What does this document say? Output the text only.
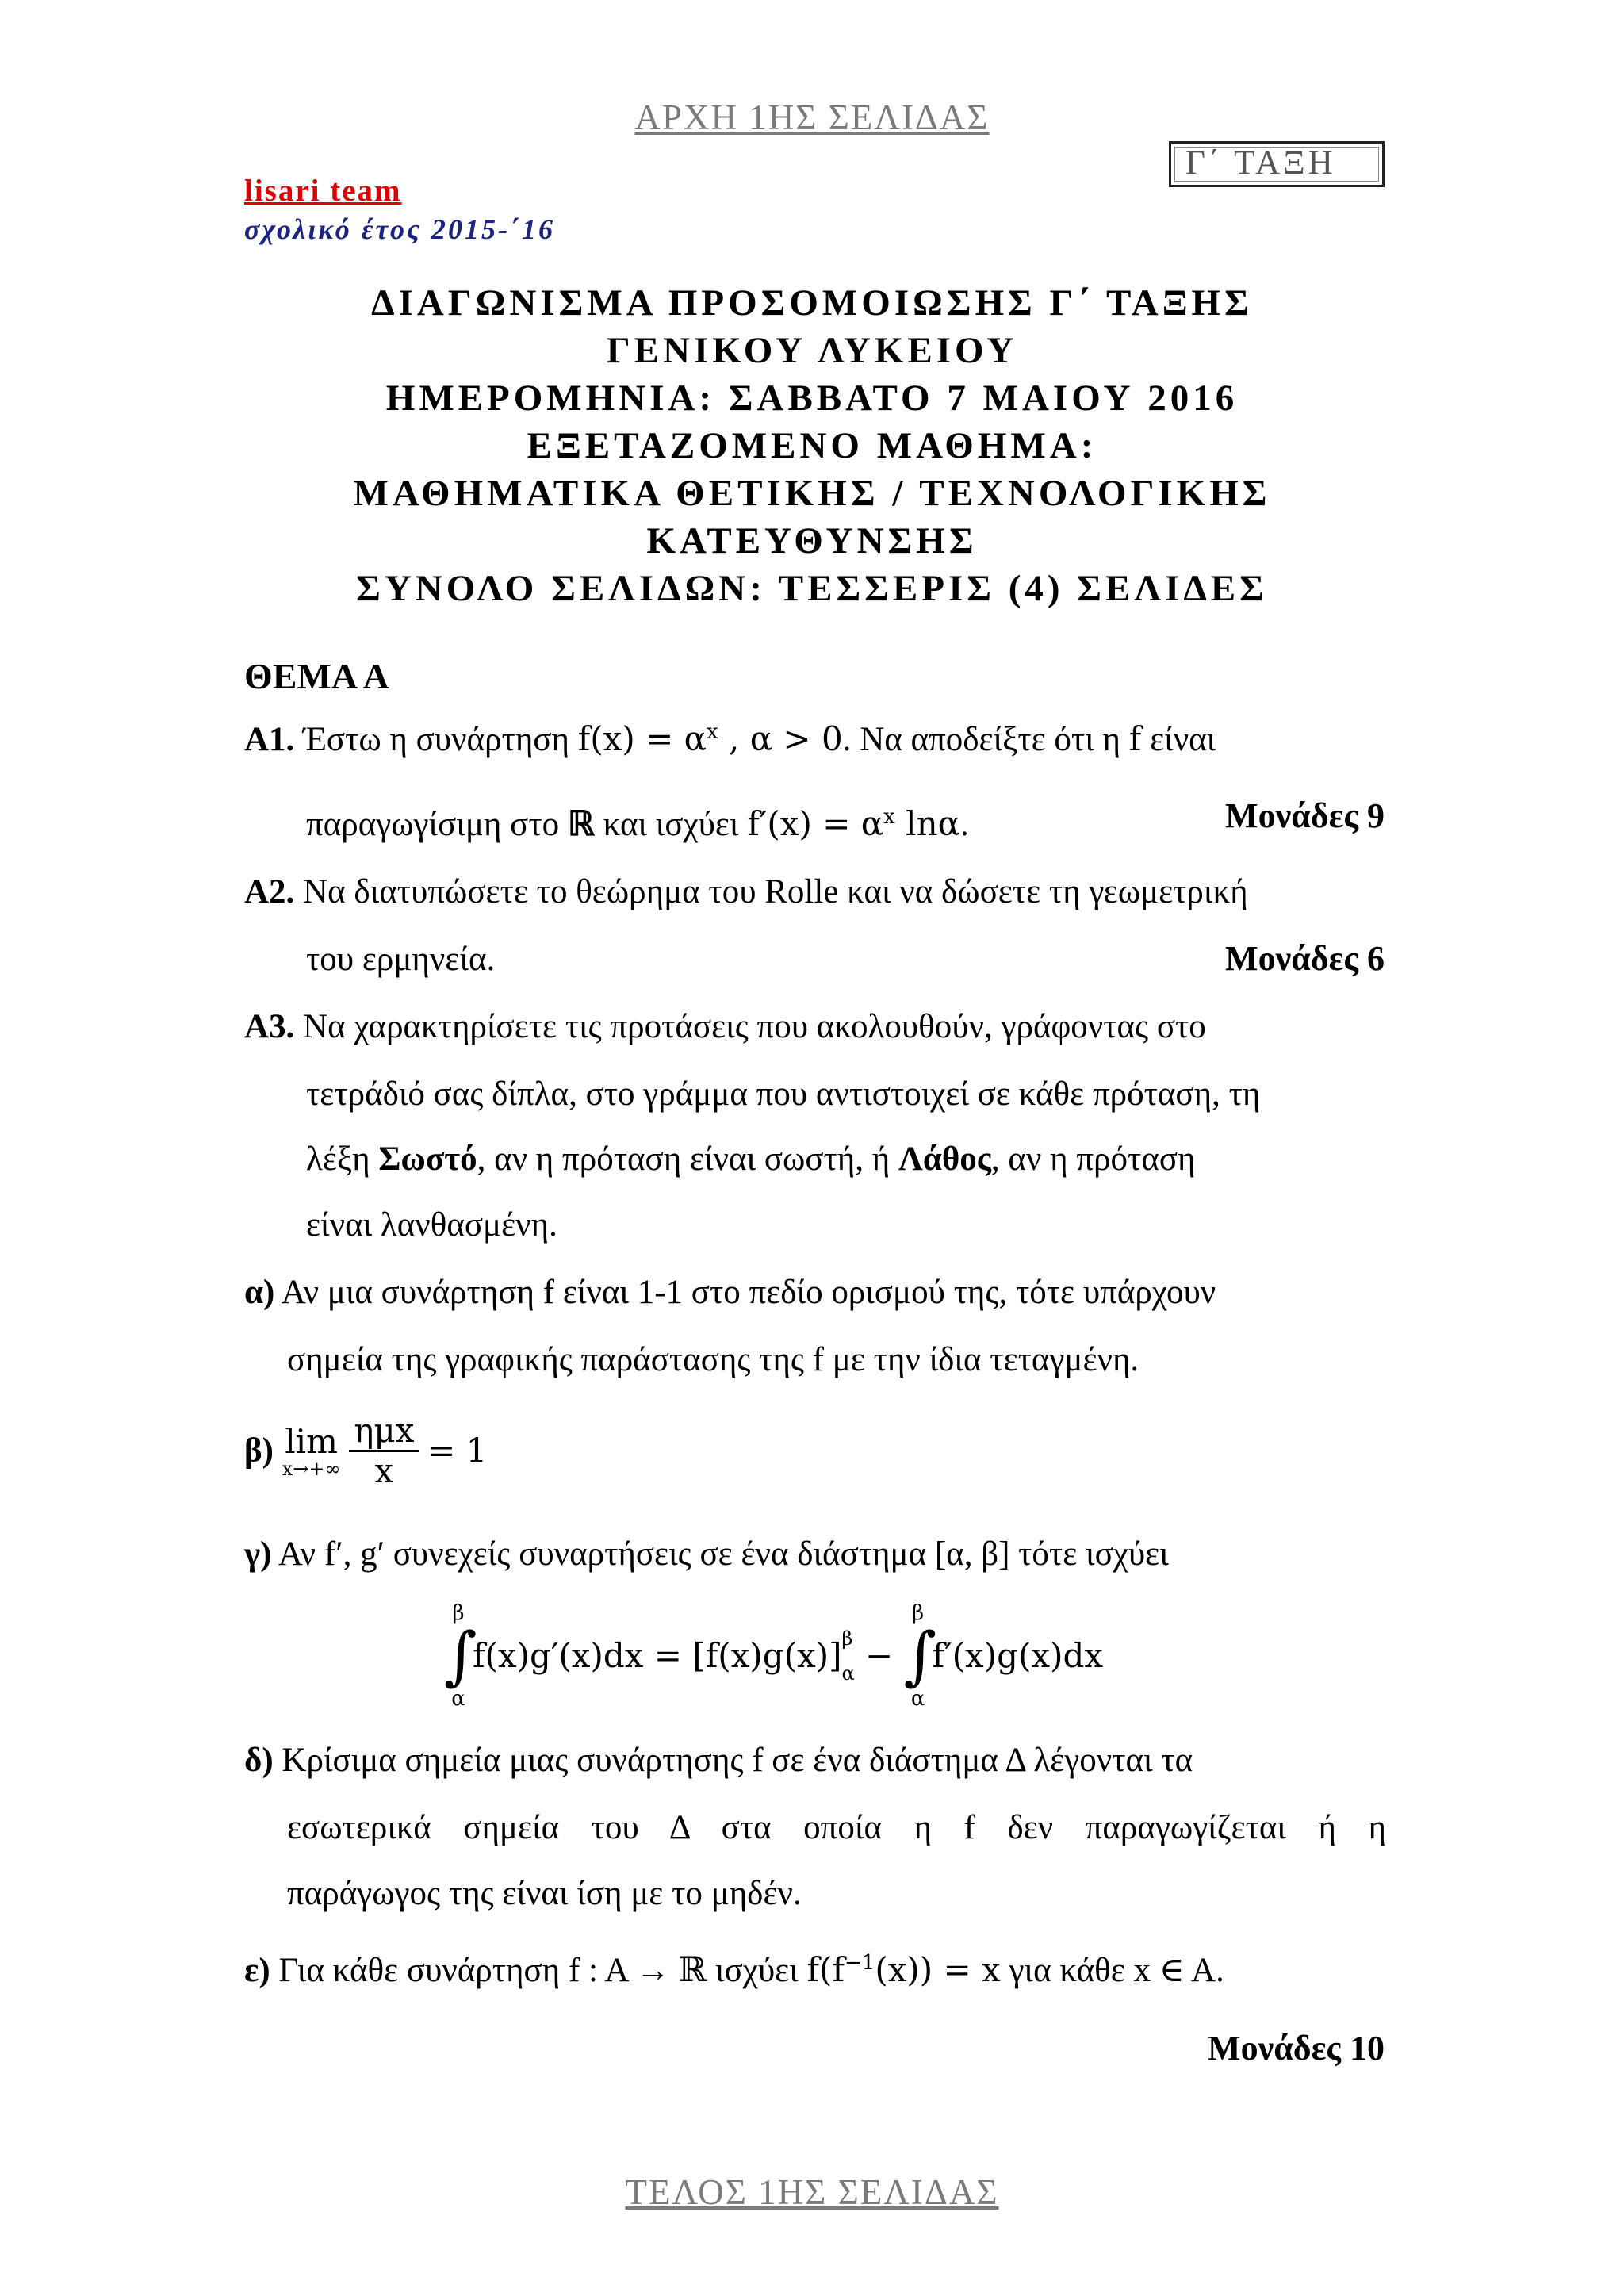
ΑΡΧΗ 1ΗΣ ΣΕΛΙΔΑΣ
Γ΄ ΤΑΞΗ
lisari team
σχολικό έτος 2015-΄16
ΔΙΑΓΩΝΙΣΜΑ ΠΡΟΣΟΜΟΙΩΣΗΣ Γ΄ ΤΑΞΗΣ
ΓΕΝΙΚΟΥ ΛΥΚΕΙΟΥ
ΗΜΕΡΟΜΗΝΙΑ: ΣΑΒΒΑΤΟ 7 ΜΑΙΟΥ 2016
ΕΞΕΤΑΖΟΜΕΝΟ ΜΑΘΗΜΑ:
ΜΑΘΗΜΑΤΙΚΑ ΘΕΤΙΚΗΣ / ΤΕΧΝΟΛΟΓΙΚΗΣ
ΚΑΤΕΥΘΥΝΣΗΣ
ΣΥΝΟΛΟ ΣΕΛΙΔΩΝ: ΤΕΣΣΕΡΙΣ (4) ΣΕΛΙΔΕΣ
ΘΕΜΑ Α
Α1. Έστω η συνάρτηση $f(x) = \alpha^x$ , α > 0. Να αποδείξτε ότι η f είναι
παραγωγίσιμη στο ℝ και ισχύει $f'(x) = \alpha^x$ lnα.	Μονάδες 9
Α2. Να διατυπώσετε το θεώρημα του Rolle και να δώσετε τη γεωμετρική
του ερμηνεία.	Μονάδες 6
Α3. Να χαρακτηρίσετε τις προτάσεις που ακολουθούν, γράφοντας στο
τετράδιό σας δίπλα, στο γράμμα που αντιστοιχεί σε κάθε πρόταση, τη
λέξη Σωστό, αν η πρόταση είναι σωστή, ή Λάθος, αν η πρόταση
είναι λανθασμένη.
α) Αν μια συνάρτηση f είναι 1-1 στο πεδίο ορισμού της, τότε υπάρχουν
σημεία της γραφικής παράστασης της f με την ίδια τεταγμένη.
β) lim
x→+∞
$\frac{\text{ημx}}{x} = 1$
γ) Αν f′, g′ συνεχείς συναρτήσεις σε ένα διάστημα [α, β] τότε ισχύει
β
∫
α
f(x)g′(x)dx = [f(x)g(x)] β
α −
β
∫
α
f′(x)g(x)dx
δ) Κρίσιμα σημεία μιας συνάρτησης f σε ένα διάστημα Δ λέγονται τα
εσωτερικά σημεία του Δ στα οποία η f δεν παραγωγίζεται ή η
παράγωγος της είναι ίση με το μηδέν.
ε) Για κάθε συνάρτηση f : A → ℝ ισχύει $f(f^{-1}(x)) = x$ για κάθε x ∈ A.
Μονάδες 10
ΤΕΛΟΣ 1ΗΣ ΣΕΛΙΔΑΣ
